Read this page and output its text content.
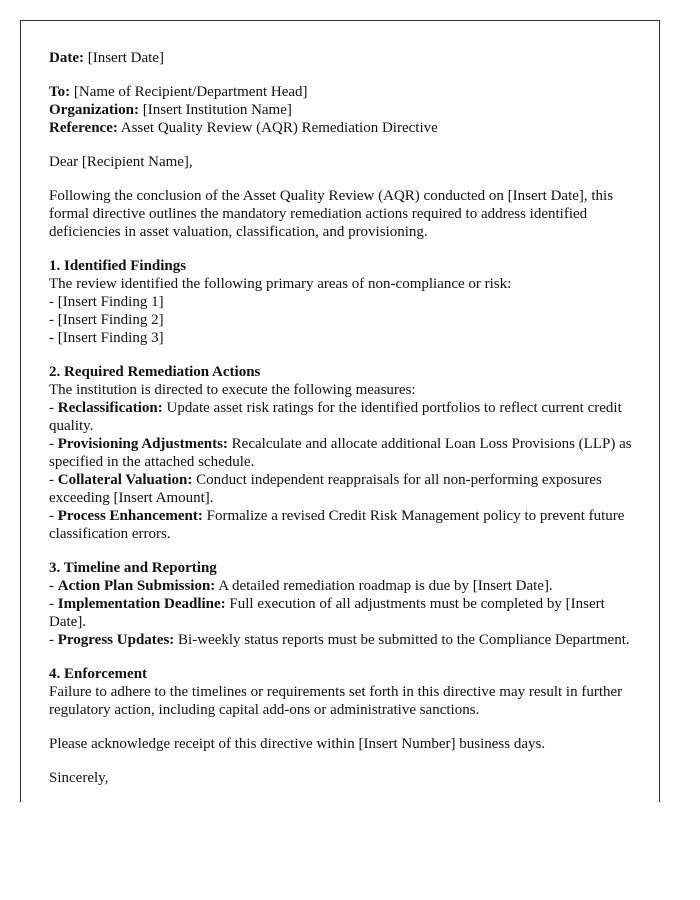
Date: [Insert Date]

To: [Name of Recipient/Department Head]
Organization: [Insert Institution Name]
Reference: Asset Quality Review (AQR) Remediation Directive

Dear [Recipient Name],

Following the conclusion of the Asset Quality Review (AQR) conducted on [Insert Date], this formal directive outlines the mandatory remediation actions required to address identified deficiencies in asset valuation, classification, and provisioning.

1. Identified Findings
The review identified the following primary areas of non-compliance or risk:
- [Insert Finding 1]
- [Insert Finding 2]
- [Insert Finding 3]
2. Required Remediation Actions
The institution is directed to execute the following measures:
- Reclassification: Update asset risk ratings for the identified portfolios to reflect current credit quality.
- Provisioning Adjustments: Recalculate and allocate additional Loan Loss Provisions (LLP) as specified in the attached schedule.
- Collateral Valuation: Conduct independent reappraisals for all non-performing exposures exceeding [Insert Amount].
- Process Enhancement: Formalize a revised Credit Risk Management policy to prevent future classification errors.
3. Timeline and Reporting
- Action Plan Submission: A detailed remediation roadmap is due by [Insert Date].
- Implementation Deadline: Full execution of all adjustments must be completed by [Insert Date].
- Progress Updates: Bi-weekly status reports must be submitted to the Compliance Department.
4. Enforcement
Failure to adhere to the timelines or requirements set forth in this directive may result in further regulatory action, including capital add-ons or administrative sanctions.

Please acknowledge receipt of this directive within [Insert Number] business days.

Sincerely,
